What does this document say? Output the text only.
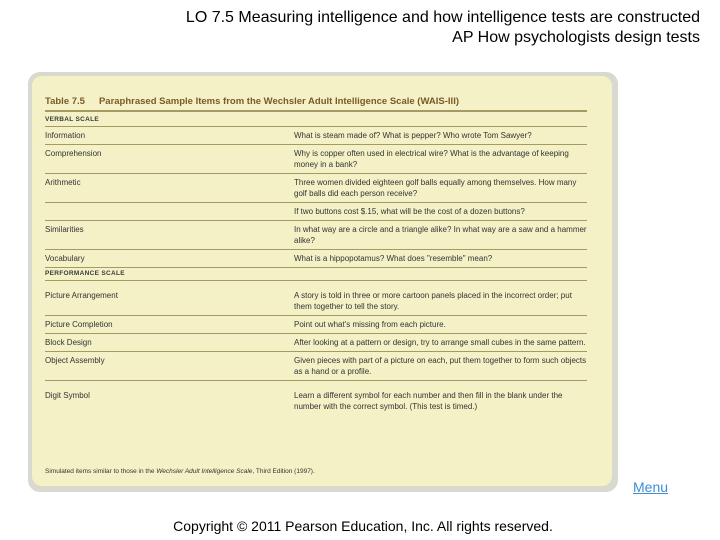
LO 7.5 Measuring intelligence and how intelligence tests are constructed
AP How psychologists design tests
Table 7.5 Paraphrased Sample Items from the Wechsler Adult Intelligence Scale (WAIS-III)
VERBAL SCALE
Information	What is steam made of? What is pepper? Who wrote Tom Sawyer?
Comprehension	Why is copper often used in electrical wire? What is the advantage of keeping money in a bank?
Arithmetic	Three women divided eighteen golf balls equally among themselves. How many golf balls did each person receive?
If two buttons cost $.15, what will be the cost of a dozen buttons?
Similarities	In what way are a circle and a triangle alike? In what way are a saw and a hammer alike?
Vocabulary	What is a hippopotamus? What does "resemble" mean?
PERFORMANCE SCALE
Picture Arrangement	A story is told in three or more cartoon panels placed in the incorrect order; put them together to tell the story.
Picture Completion	Point out what's missing from each picture.
Block Design	After looking at a pattern or design, try to arrange small cubes in the same pattern.
Object Assembly	Given pieces with part of a picture on each, put them together to form such objects as a hand or a profile.
Digit Symbol	Learn a different symbol for each number and then fill in the blank under the number with the correct symbol. (This test is timed.)
Simulated items similar to those in the Wechsler Adult Intelligence Scale, Third Edition (1997).
Menu
Copyright © 2011 Pearson Education, Inc. All rights reserved.
